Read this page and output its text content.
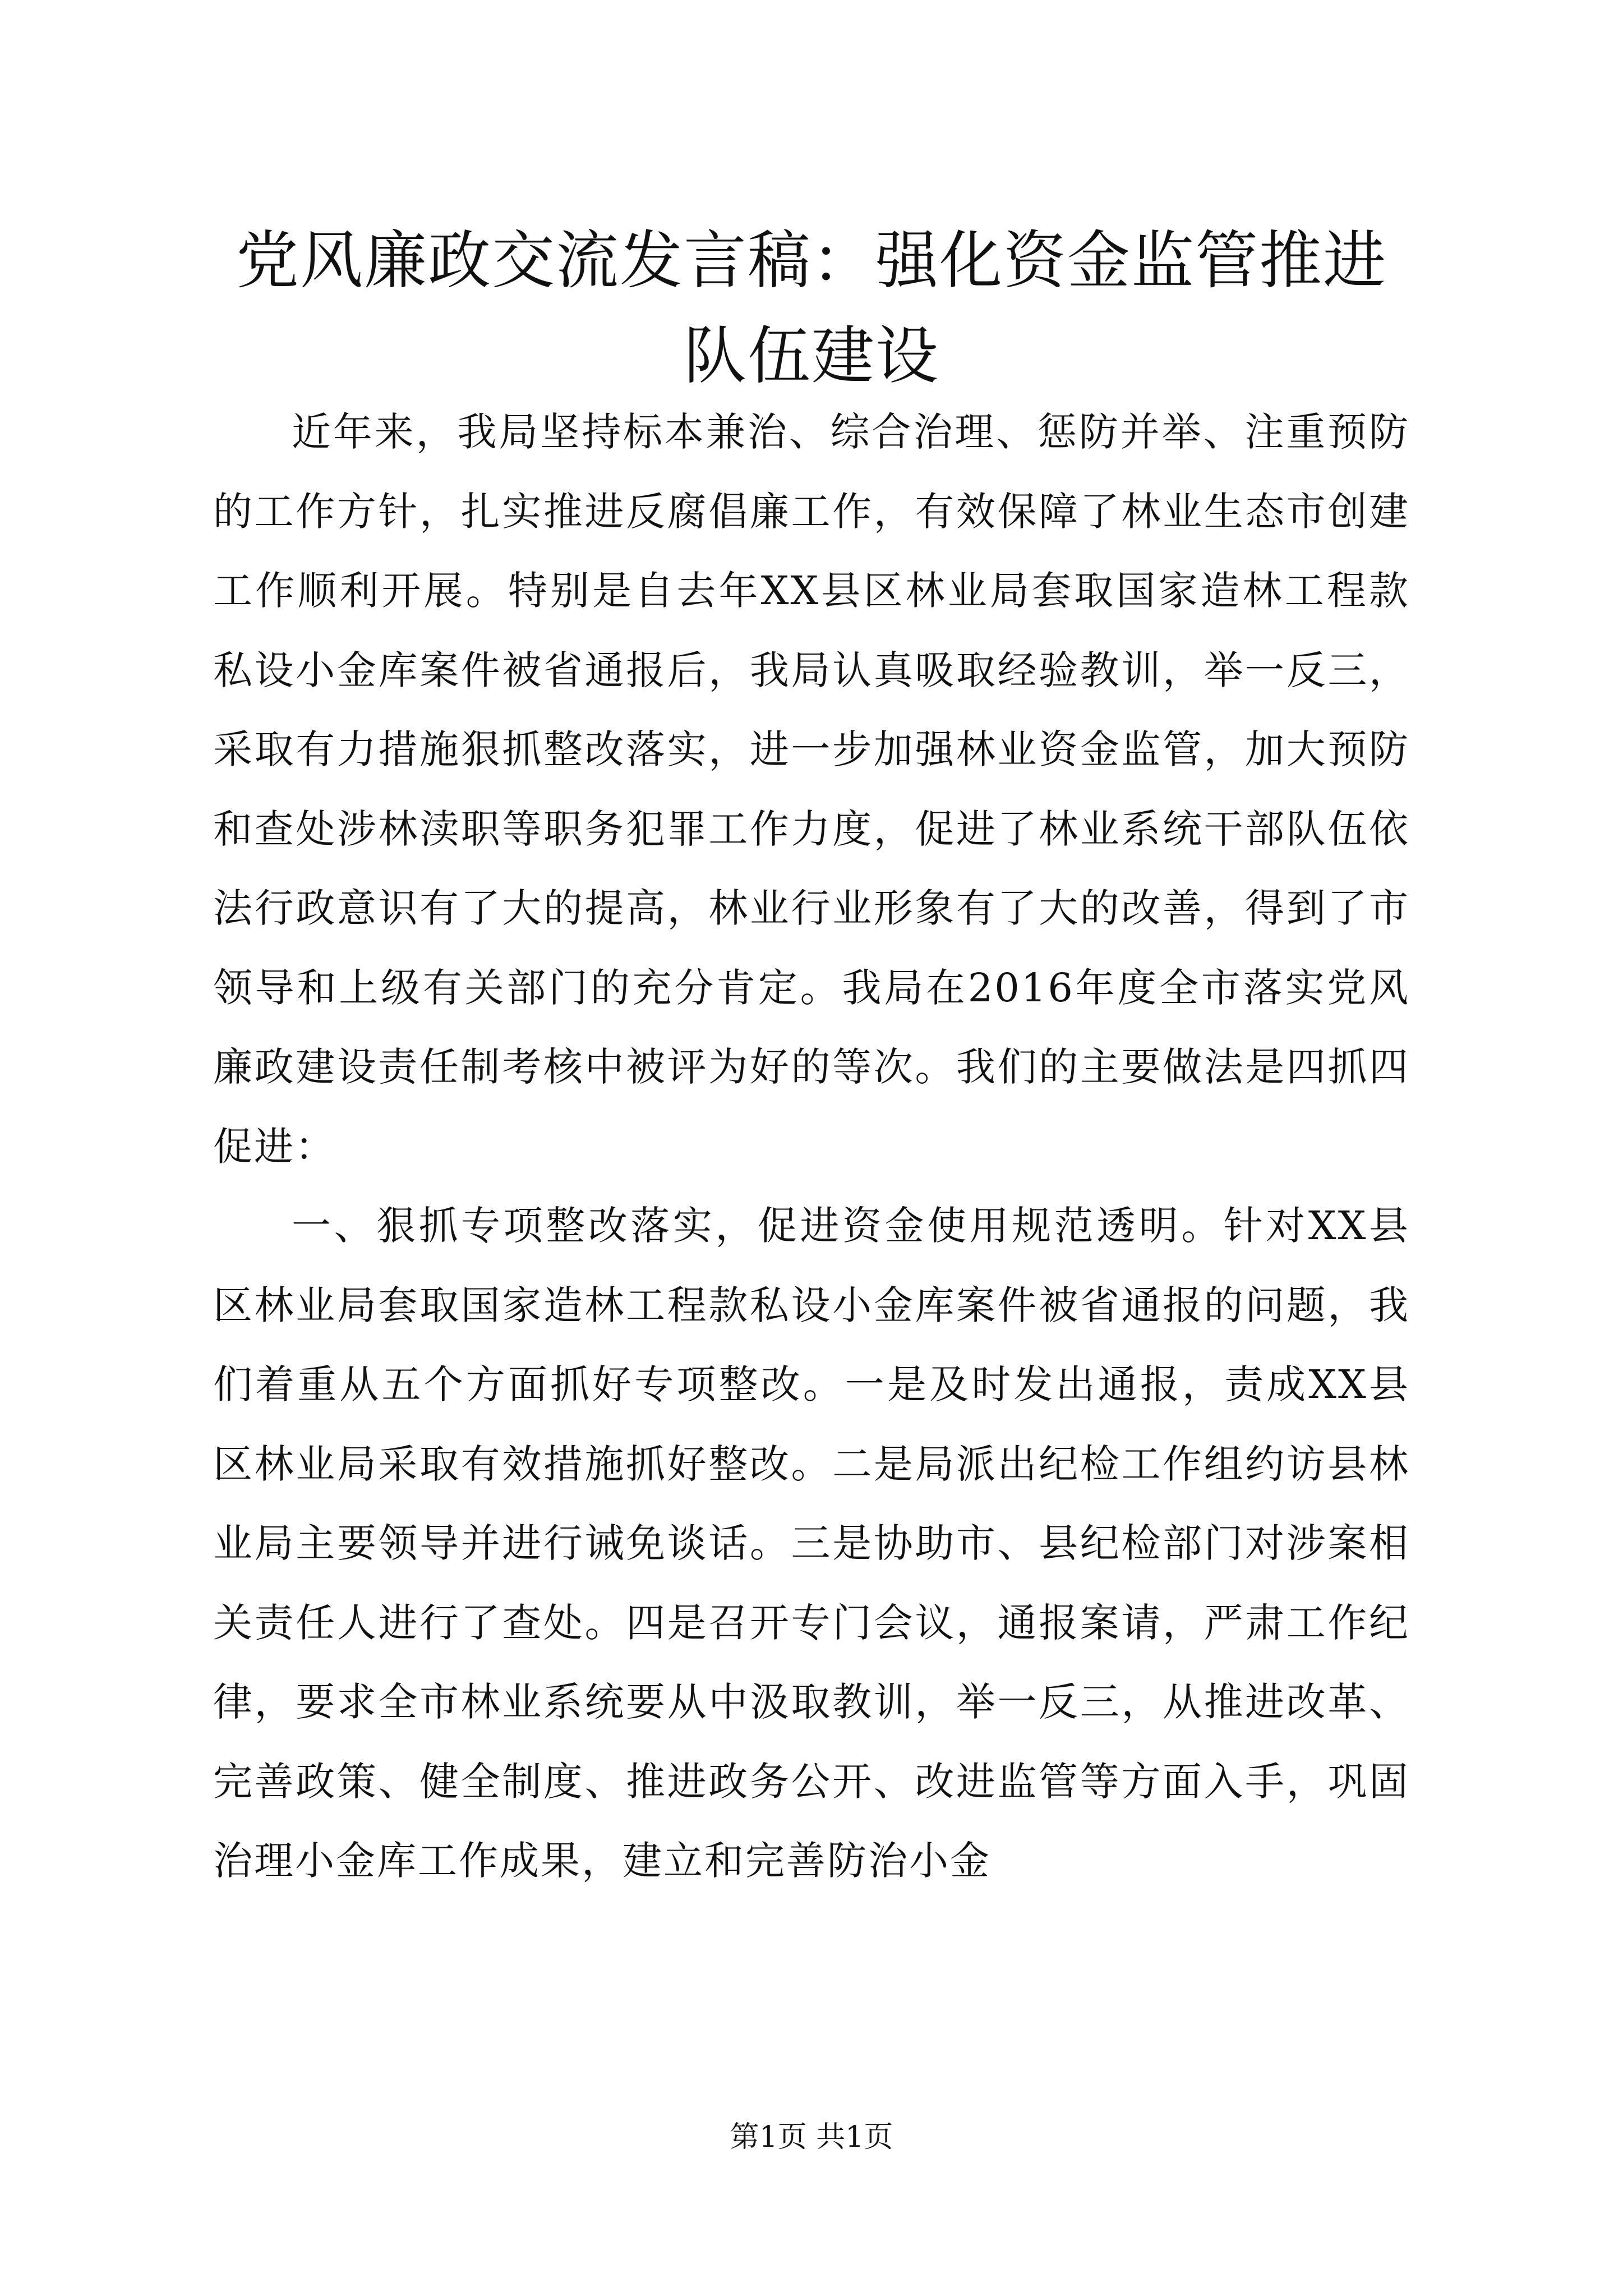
党风廉政交流发言稿：强化资金监管推进队伍建设

近年来，我局坚持标本兼治、综合治理、惩防并举、注重预防的工作方针，扎实推进反腐倡廉工作，有效保障了林业生态市创建工作顺利开展。特别是自去年XX县区林业局套取国家造林工程款私设小金库案件被省通报后，我局认真吸取经验教训，举一反三，采取有力措施狠抓整改落实，进一步加强林业资金监管，加大预防和查处涉林渎职等职务犯罪工作力度，促进了林业系统干部队伍依法行政意识有了大的提高，林业行业形象有了大的改善，得到了市领导和上级有关部门的充分肯定。我局在2016年度全市落实党风廉政建设责任制考核中被评为好的等次。我们的主要做法是四抓四促进：

一、狠抓专项整改落实，促进资金使用规范透明。针对XX县区林业局套取国家造林工程款私设小金库案件被省通报的问题，我们着重从五个方面抓好专项整改。一是及时发出通报，责成XX县区林业局采取有效措施抓好整改。二是局派出纪检工作组约访县林业局主要领导并进行诫免谈话。三是协助市、县纪检部门对涉案相关责任人进行了查处。四是召开专门会议，通报案请，严肃工作纪律，要求全市林业系统要从中汲取教训，举一反三，从推进改革、完善政策、健全制度、推进政务公开、改进监管等方面入手，巩固治理小金库工作成果，建立和完善防治小金

第1页 共1页
